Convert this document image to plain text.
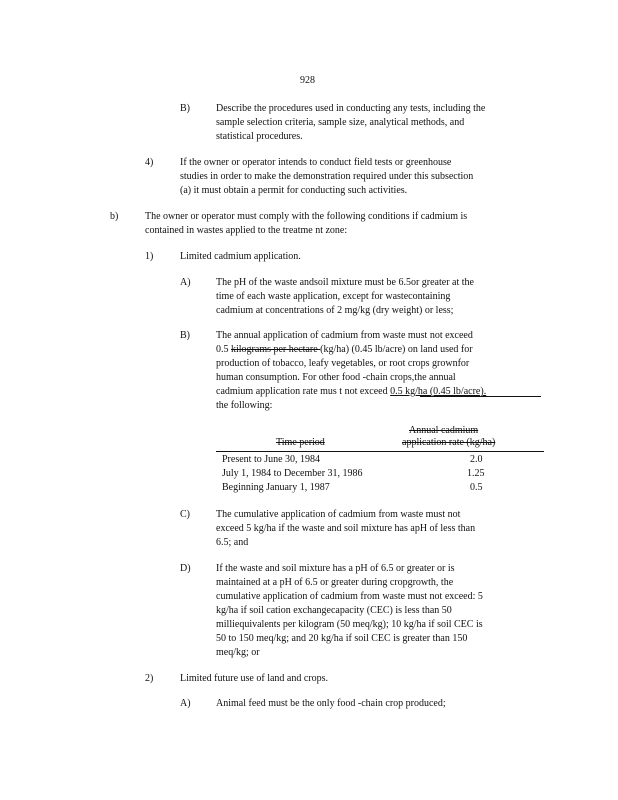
928
B)	Describe the procedures used in conducting any tests, including the
sample selection criteria, sample size, analytical methods, and
statistical procedures.
4)	If the owner or operator intends to conduct field tests or greenhouse
studies in order to make the demonstration required under this subsection
(a) it must obtain a permit for conducting such activities.
b)	The owner or operator must comply with the following conditions if cadmium is
contained in wastes applied to the treatme nt zone:
1)	Limited cadmium application.
A)	The pH of the waste andsoil mixture must be 6.5or greater at the
time of each waste application, except for wastecontaining
cadmium at concentrations of 2 mg/kg (dry weight) or less;
B)	The annual application of cadmium from waste must not exceed
0.5 kilograms per hectare (kg/ha) (0.45 lb/acre) on land used for
production of tobacco, leafy vegetables, or root crops grownfor
human consumption. For other food -chain crops,the annual
cadmium application rate mus t not exceed 0.5 kg/ha (0.45 lb/acre).
the following:
Time period
Annual cadmium
application rate (kg/ha)
Present to June 30, 1984	2.0
July 1, 1984 to December 31, 1986	1.25
Beginning January 1, 1987	0.5
C)	The cumulative application of cadmium from waste must not
exceed 5 kg/ha if the waste and soil mixture has apH of less than
6.5; and
D)	If the waste and soil mixture has a pH of 6.5 or greater or is
maintained at a pH of 6.5 or greater during cropgrowth, the
cumulative application of cadmium from waste must not exceed: 5
kg/ha if soil cation exchangecapacity (CEC) is less than 50
milliequivalents per kilogram (50 meq/kg); 10 kg/ha if soil CEC is
50 to 150 meq/kg; and 20 kg/ha if soil CEC is greater than 150
meq/kg; or
2)	Limited future use of land and crops.
A)	Animal feed must be the only food -chain crop produced;
